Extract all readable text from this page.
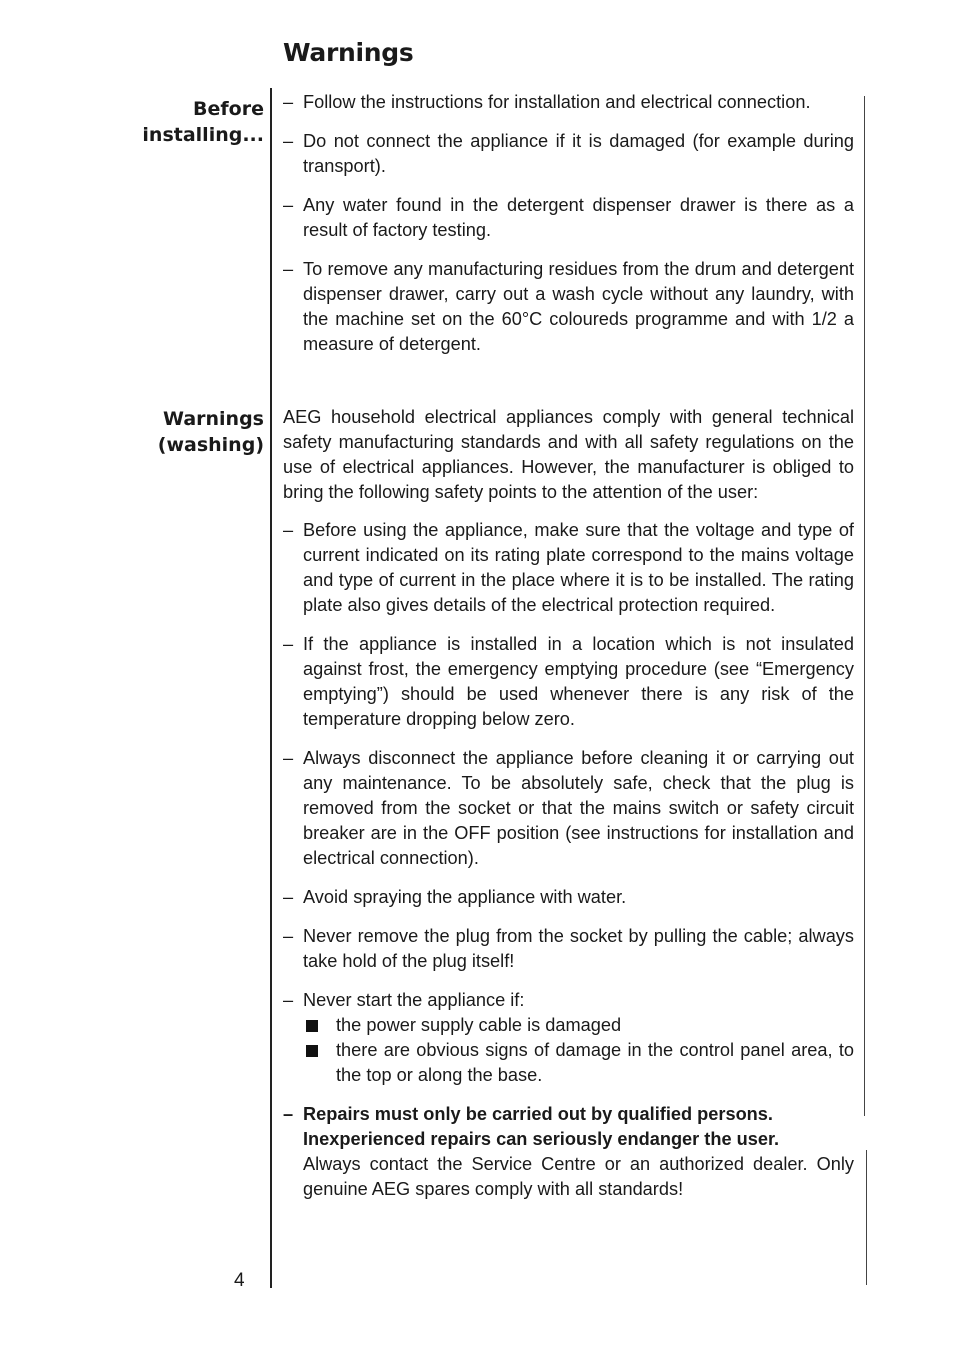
Warnings

Before
installing...

– Follow the instructions for installation and electrical connection.
– Do not connect the appliance if it is damaged (for example during transport).
– Any water found in the detergent dispenser drawer is there as a result of factory testing.
– To remove any manufacturing residues from the drum and detergent dispenser drawer, carry out a wash cycle without any laundry, with the machine set on the 60°C coloureds programme and with 1/2 a measure of detergent.

Warnings
(washing)

AEG household electrical appliances comply with general technical safety manufacturing standards and with all safety regulations on the use of electrical appliances. However, the manufacturer is obliged to bring the following safety points to the attention of the user:

– Before using the appliance, make sure that the voltage and type of current indicated on its rating plate correspond to the mains voltage and type of current in the place where it is to be installed. The rating plate also gives details of the electrical protection required.
– If the appliance is installed in a location which is not insulated against frost, the emergency emptying procedure (see “Emergency emptying”) should be used whenever there is any risk of the temperature dropping below zero.
– Always disconnect the appliance before cleaning it or carrying out any maintenance. To be absolutely safe, check that the plug is removed from the socket or that the mains switch or safety circuit breaker are in the OFF position (see instructions for installation and electrical connection).
– Avoid spraying the appliance with water.
– Never remove the plug from the socket by pulling the cable; always take hold of the plug itself!
– Never start the appliance if:
the power supply cable is damaged
there are obvious signs of damage in the control panel area, to the top or along the base.
– Repairs must only be carried out by qualified persons.
Inexperienced repairs can seriously endanger the user.
Always contact the Service Centre or an authorized dealer. Only genuine AEG spares comply with all standards!
4
